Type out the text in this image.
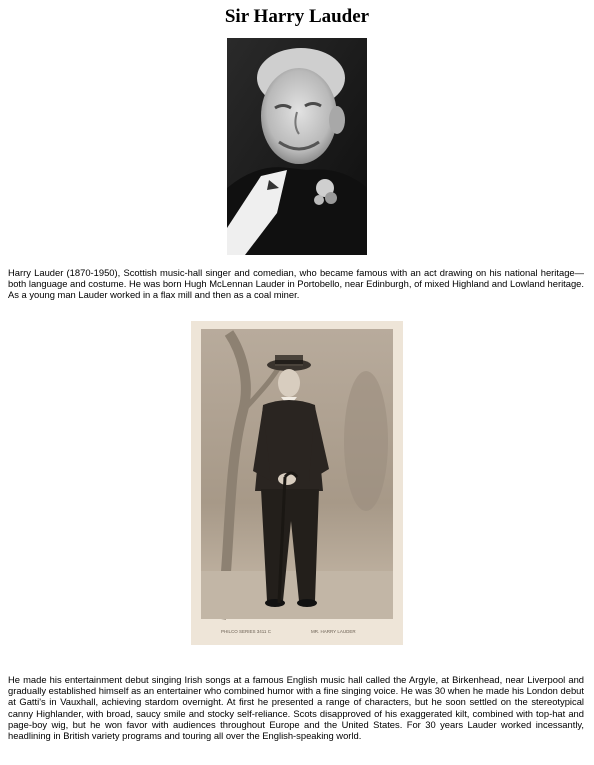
Sir Harry Lauder

Harry Lauder (1870-1950), Scottish music-hall singer and comedian, who became famous with an act drawing on his national heritage—both language and costume. He was born Hugh McLennan Lauder in Portobello, near Edinburgh, of mixed Highland and Lowland heritage. As a young man Lauder worked in a flax mill and then as a coal miner.

PHILCO SERIES 3411 C	MR. HARRY LAUDER

He made his entertainment debut singing Irish songs at a famous English music hall called the Argyle, at Birkenhead, near Liverpool and gradually established himself as an entertainer who combined humor with a fine singing voice. He was 30 when he made his London debut at Gatti's in Vauxhall, achieving stardom overnight. At first he presented a range of characters, but he soon settled on the stereotypical canny Highlander, with broad, saucy smile and stocky self-reliance. Scots disapproved of his exaggerated kilt, combined with top-hat and page-boy wig, but he won favor with audiences throughout Europe and the United States. For 30 years Lauder worked incessantly, headlining in British variety programs and touring all over the English-speaking world.
